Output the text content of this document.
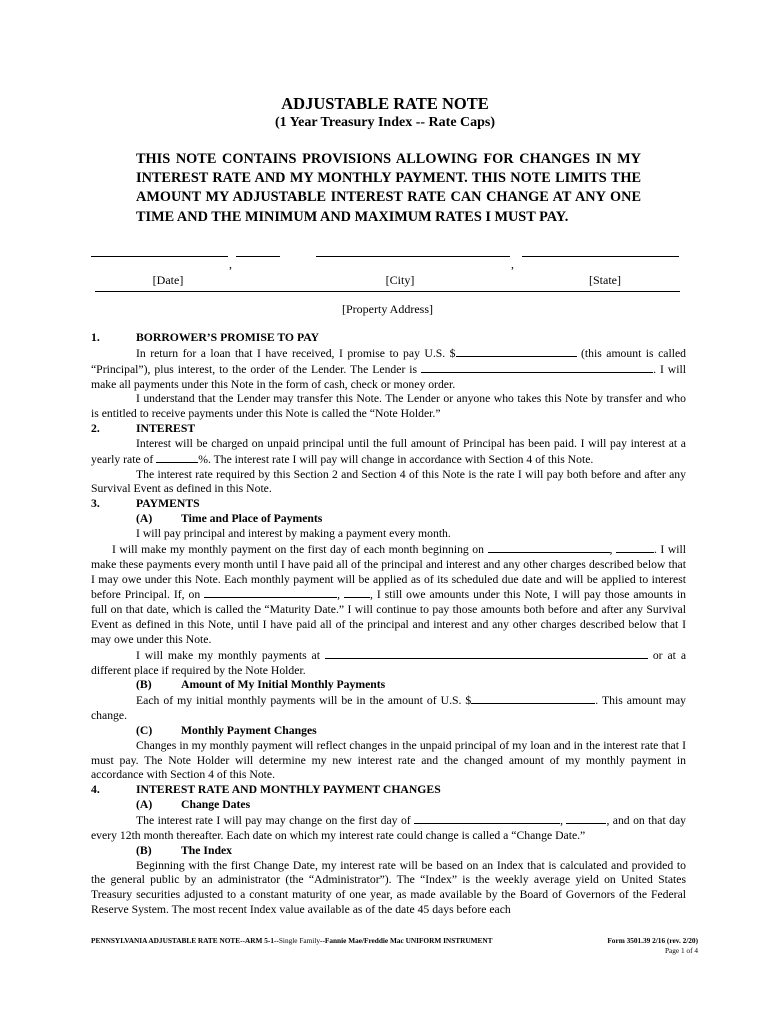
ADJUSTABLE RATE NOTE
(1 Year Treasury Index -- Rate Caps)
THIS NOTE CONTAINS PROVISIONS ALLOWING FOR CHANGES IN MY INTEREST RATE AND MY MONTHLY PAYMENT. THIS NOTE LIMITS THE AMOUNT MY ADJUSTABLE INTEREST RATE CAN CHANGE AT ANY ONE TIME AND THE MINIMUM AND MAXIMUM RATES I MUST PAY.
,	,
[Date]	[City]	[State]
[Property Address]
1.	BORROWER’S PROMISE TO PAY

In return for a loan that I have received, I promise to pay U.S. $	(this amount is called “Principal”), plus interest, to the order of the Lender. The Lender is	. I will make all payments under this Note in the form of cash, check or money order.

I understand that the Lender may transfer this Note. The Lender or anyone who takes this Note by transfer and who is entitled to receive payments under this Note is called the “Note Holder.”

2.	INTEREST

Interest will be charged on unpaid principal until the full amount of Principal has been paid. I will pay interest at a yearly rate of	%. The interest rate I will pay will change in accordance with Section 4 of this Note.

The interest rate required by this Section 2 and Section 4 of this Note is the rate I will pay both before and after any Survival Event as defined in this Note.

3.	PAYMENTS
(A)	Time and Place of Payments

I will pay principal and interest by making a payment every month.

I will make my monthly payment on the first day of each month beginning on	,	. I will make these payments every month until I have paid all of the principal and interest and any other charges described below that I may owe under this Note. Each monthly payment will be applied as of its scheduled due date and will be applied to interest before Principal. If, on	, , I still owe amounts under this Note, I will pay those amounts in full on that date, which is called the “Maturity Date.” I will continue to pay those amounts both before and after any Survival Event as defined in this Note, until I have paid all of the principal and interest and any other charges described below that I may owe under this Note.

I will make my monthly payments at	or at a different place if required by the Note Holder.

(B)	Amount of My Initial Monthly Payments

Each of my initial monthly payments will be in the amount of U.S. $	. This amount may change.

(C)	Monthly Payment Changes

Changes in my monthly payment will reflect changes in the unpaid principal of my loan and in the interest rate that I must pay. The Note Holder will determine my new interest rate and the changed amount of my monthly payment in accordance with Section 4 of this Note.

4.	INTEREST RATE AND MONTHLY PAYMENT CHANGES
(A)	Change Dates

The interest rate I will pay may change on the first day of	,	, and on that day every 12th month thereafter. Each date on which my interest rate could change is called a “Change Date.”

(B)	The Index

Beginning with the first Change Date, my interest rate will be based on an Index that is calculated and provided to the general public by an administrator (the “Administrator”). The “Index” is the weekly average yield on United States Treasury securities adjusted to a constant maturity of one year, as made available by the Board of Governors of the Federal Reserve System. The most recent Index value available as of the date 45 days before each

PENNSYLVANIA ADJUSTABLE RATE NOTE--ARM 5-1--Single Family--Fannie Mae/Freddie Mac UNIFORM INSTRUMENT	Form 3501.39 2/16 (rev. 2/20)
Page 1 of 4
